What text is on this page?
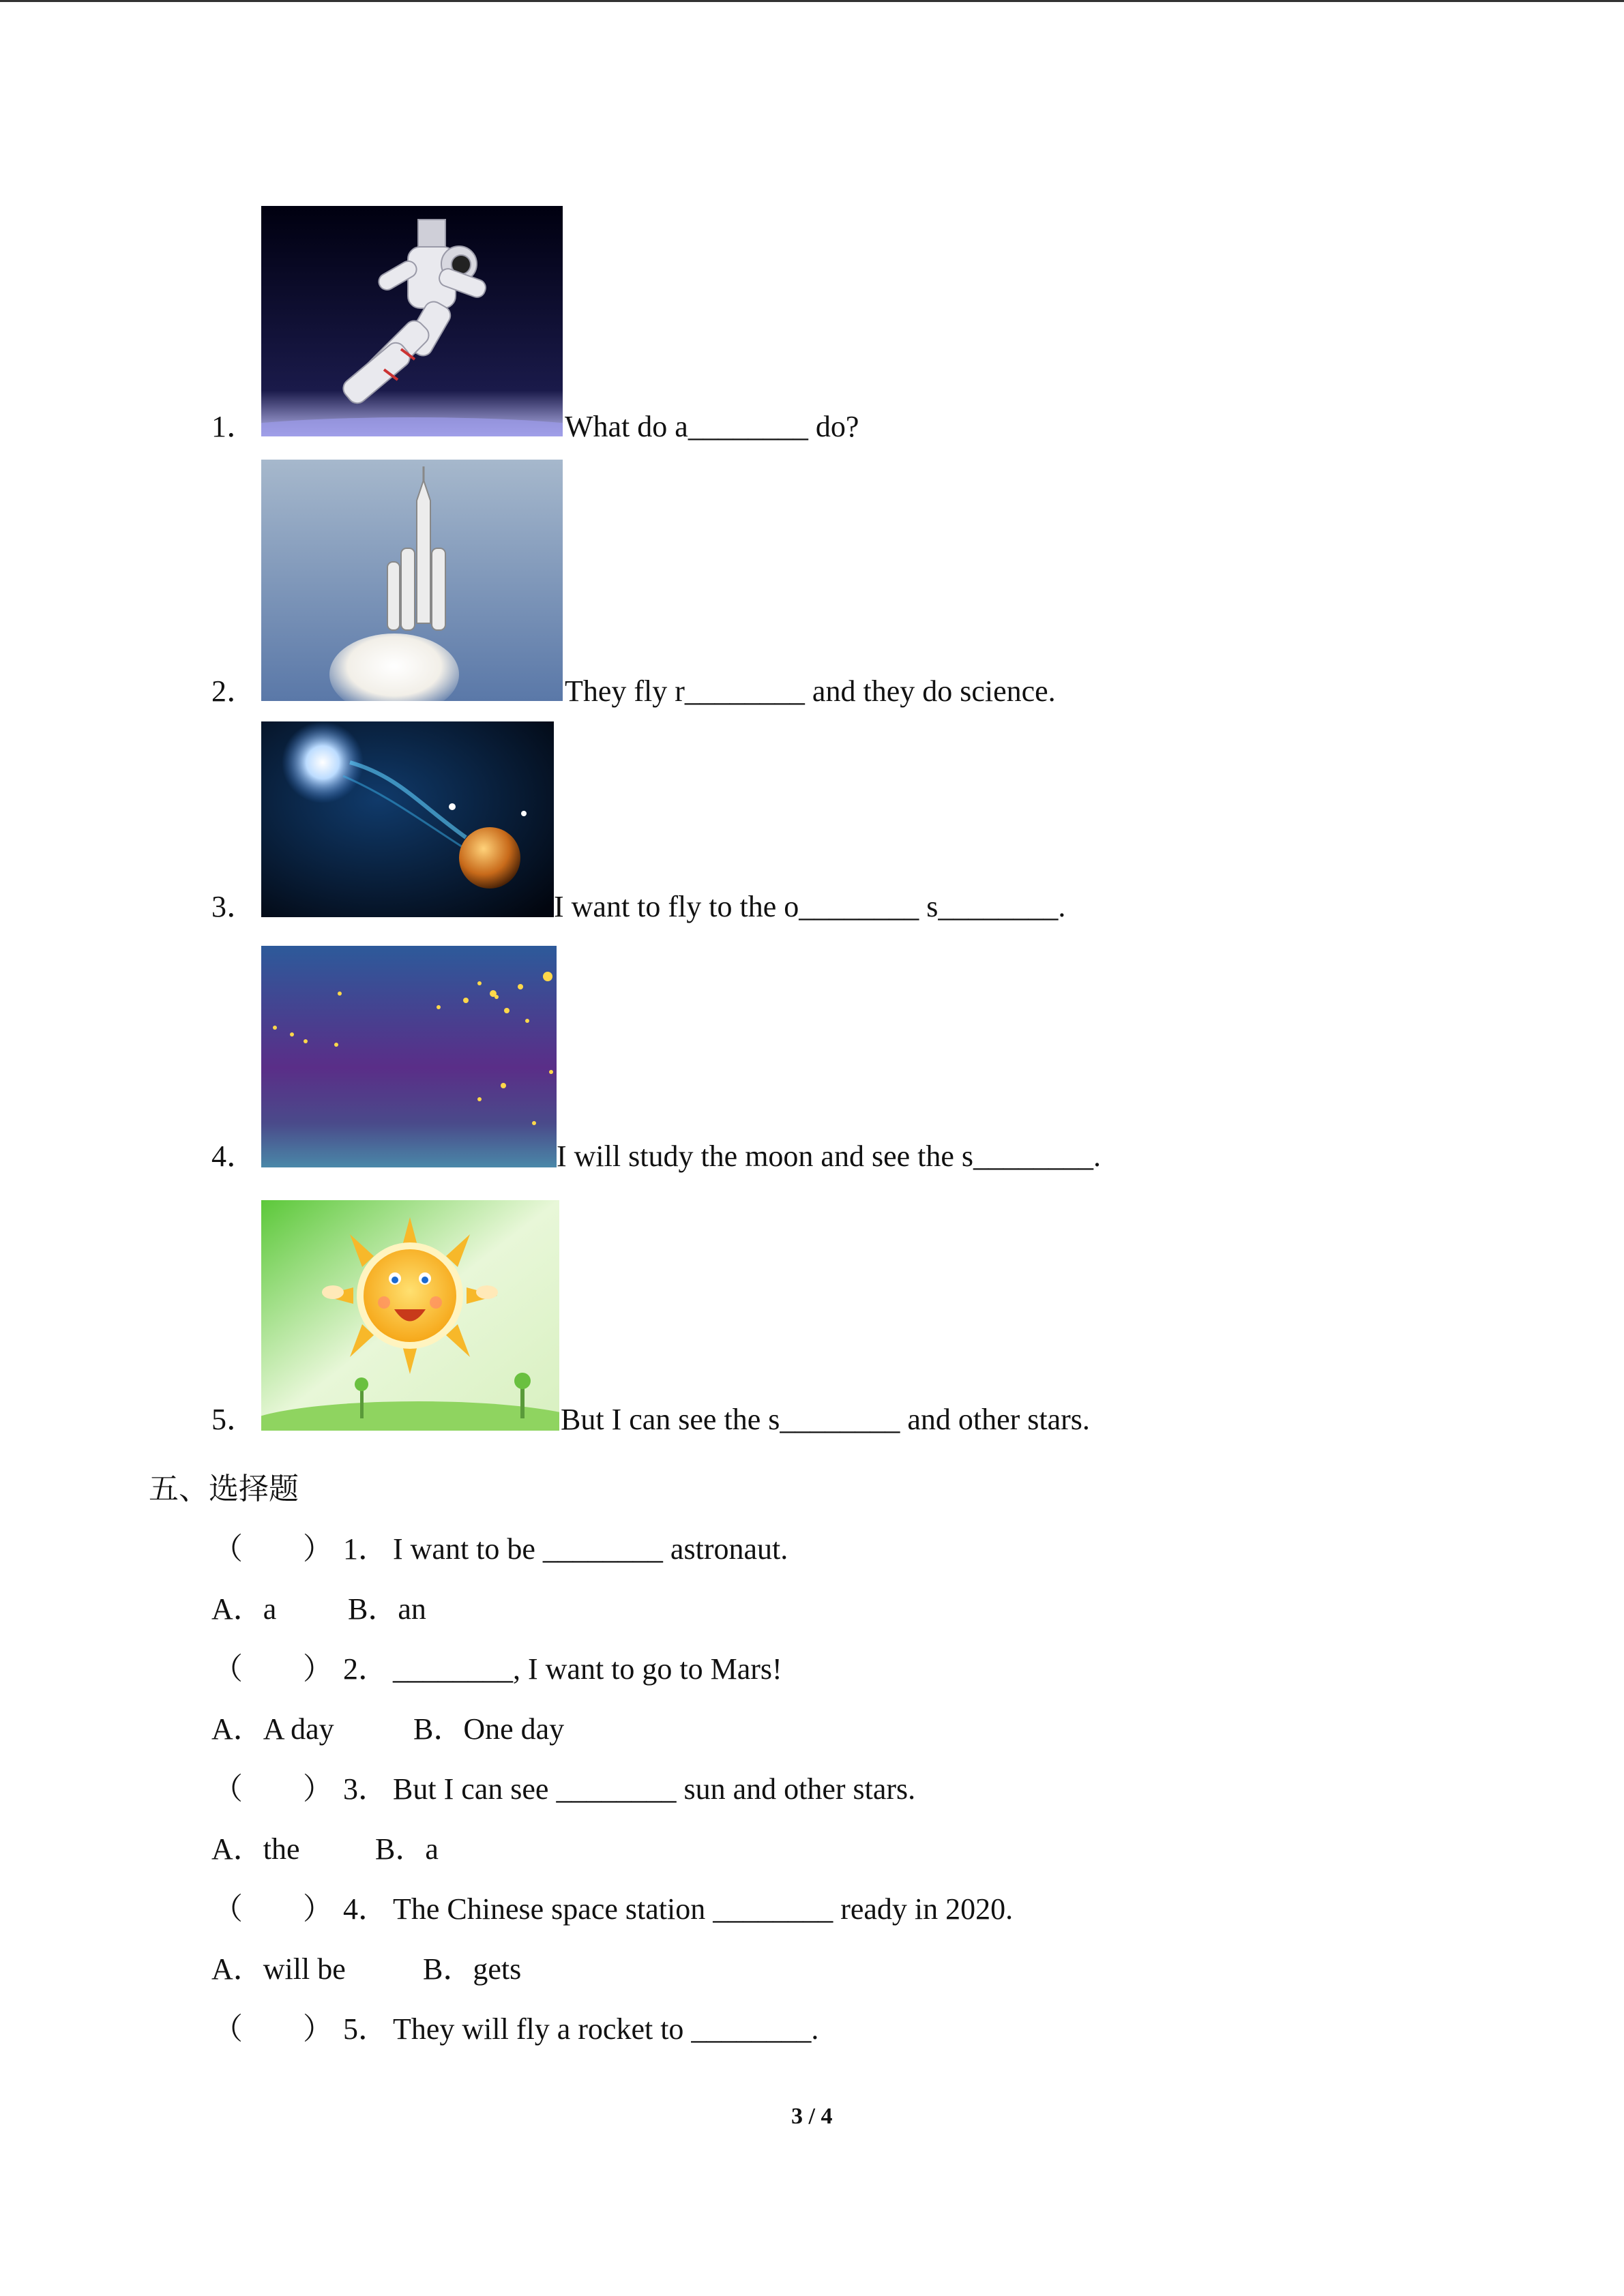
1．	What do a________ do?
2．	They fly r________ and they do science.
3．	I want to fly to the o________ s________.
4．	I will study the moon and see the s________.
5．	But I can see the s________ and other stars.
五、选择题
（　　） 1． I want to be ________ astronaut.
A．a B．an
（　　） 2． ________, I want to go to Mars!
A．A day	B．One day
（　　） 3． But I can see ________ sun and other stars.
A．the	B．a
（　　） 4． The Chinese space station ________ ready in 2020.
A．will be	B．gets
（　　） 5． They will fly a rocket to ________.
3 / 4
